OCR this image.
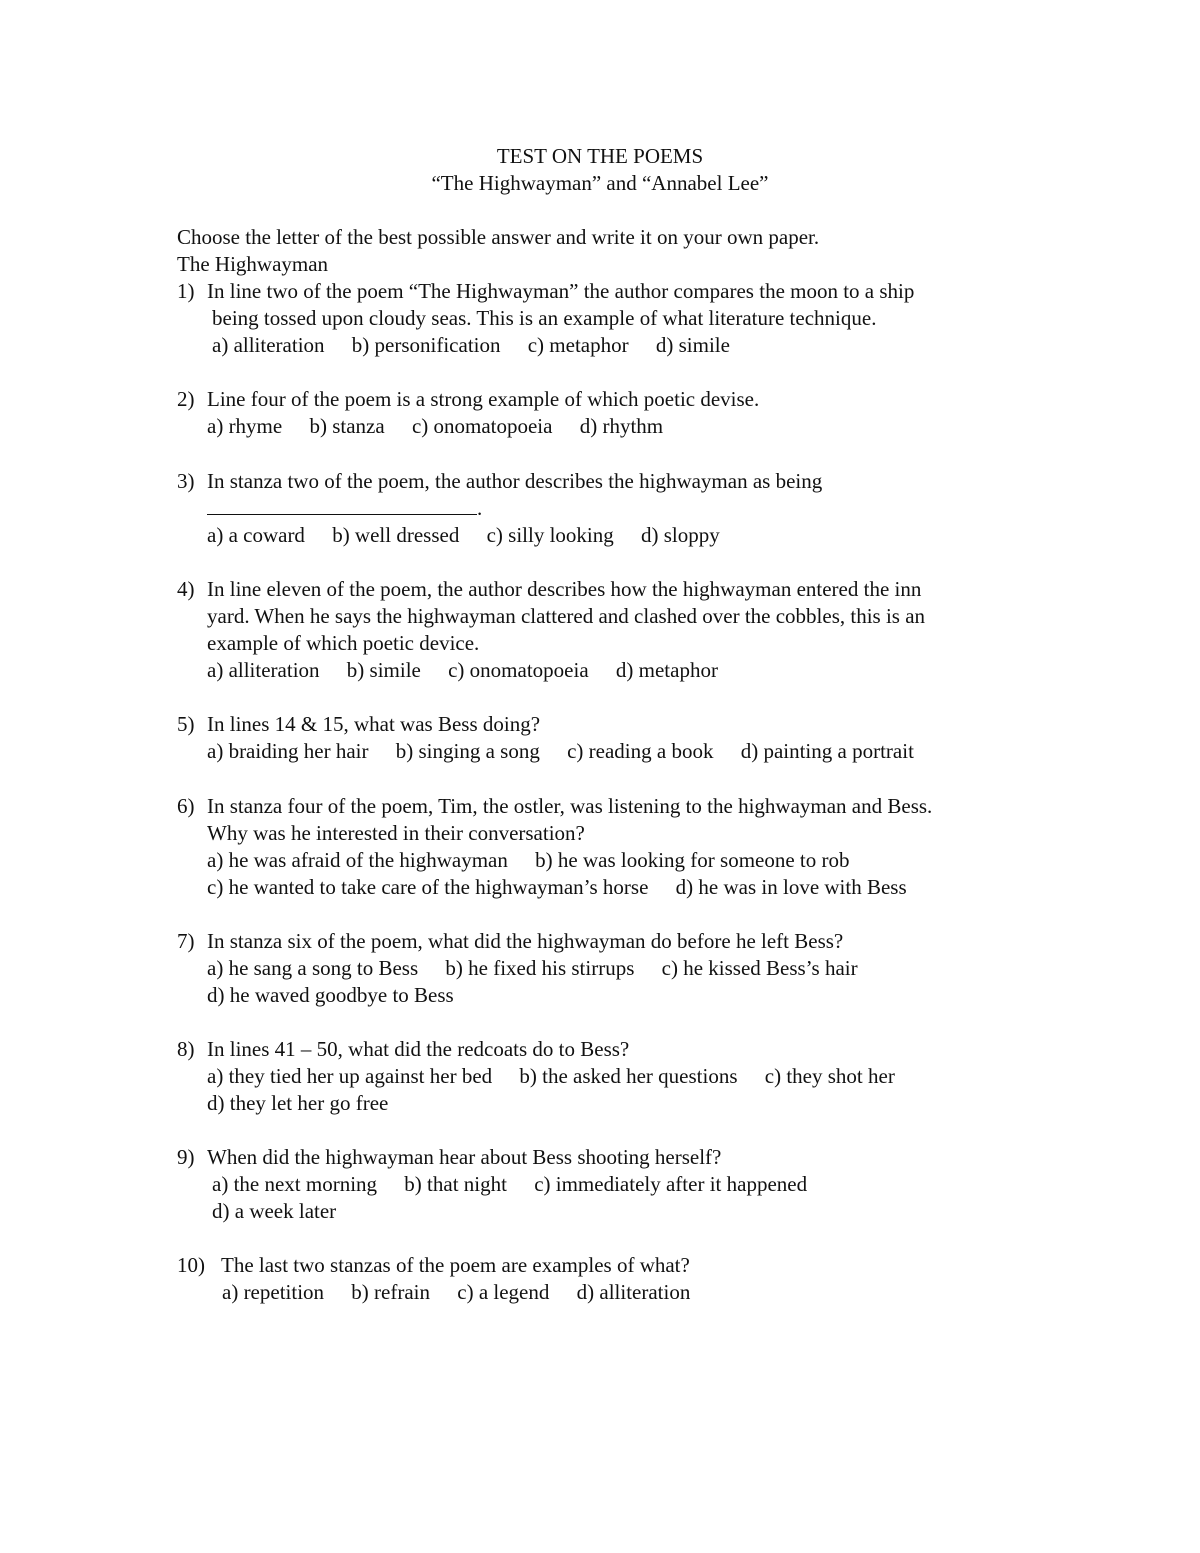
TEST ON THE POEMS
“The Highwayman” and “Annabel Lee”
Choose the letter of the best possible answer and write it on your own paper.
The Highwayman
1) In line two of the poem “The Highwayman” the author compares the moon to a ship
being tossed upon cloudy seas. This is an example of what literature technique.
a) alliteration b) personification c) metaphor d) simile
2) Line four of the poem is a strong example of which poetic devise.
a) rhyme b) stanza c) onomatopoeia d) rhythm
3) In stanza two of the poem, the author describes the highwayman as being
.
a) a coward b) well dressed c) silly looking d) sloppy
4) In line eleven of the poem, the author describes how the highwayman entered the inn
yard. When he says the highwayman clattered and clashed over the cobbles, this is an
example of which poetic device.
a) alliteration b) simile c) onomatopoeia d) metaphor
5) In lines 14 & 15, what was Bess doing?
a) braiding her hair b) singing a song c) reading a book d) painting a portrait
6) In stanza four of the poem, Tim, the ostler, was listening to the highwayman and Bess.
Why was he interested in their conversation?
a) he was afraid of the highwayman b) he was looking for someone to rob
c) he wanted to take care of the highwayman’s horse d) he was in love with Bess
7) In stanza six of the poem, what did the highwayman do before he left Bess?
a) he sang a song to Bess b) he fixed his stirrups c) he kissed Bess’s hair
d) he waved goodbye to Bess
8) In lines 41 – 50, what did the redcoats do to Bess?
a) they tied her up against her bed b) the asked her questions c) they shot her
d) they let her go free
9) When did the highwayman hear about Bess shooting herself?
a) the next morning b) that night c) immediately after it happened
d) a week later
10) The last two stanzas of the poem are examples of what?
a) repetition b) refrain c) a legend d) alliteration
